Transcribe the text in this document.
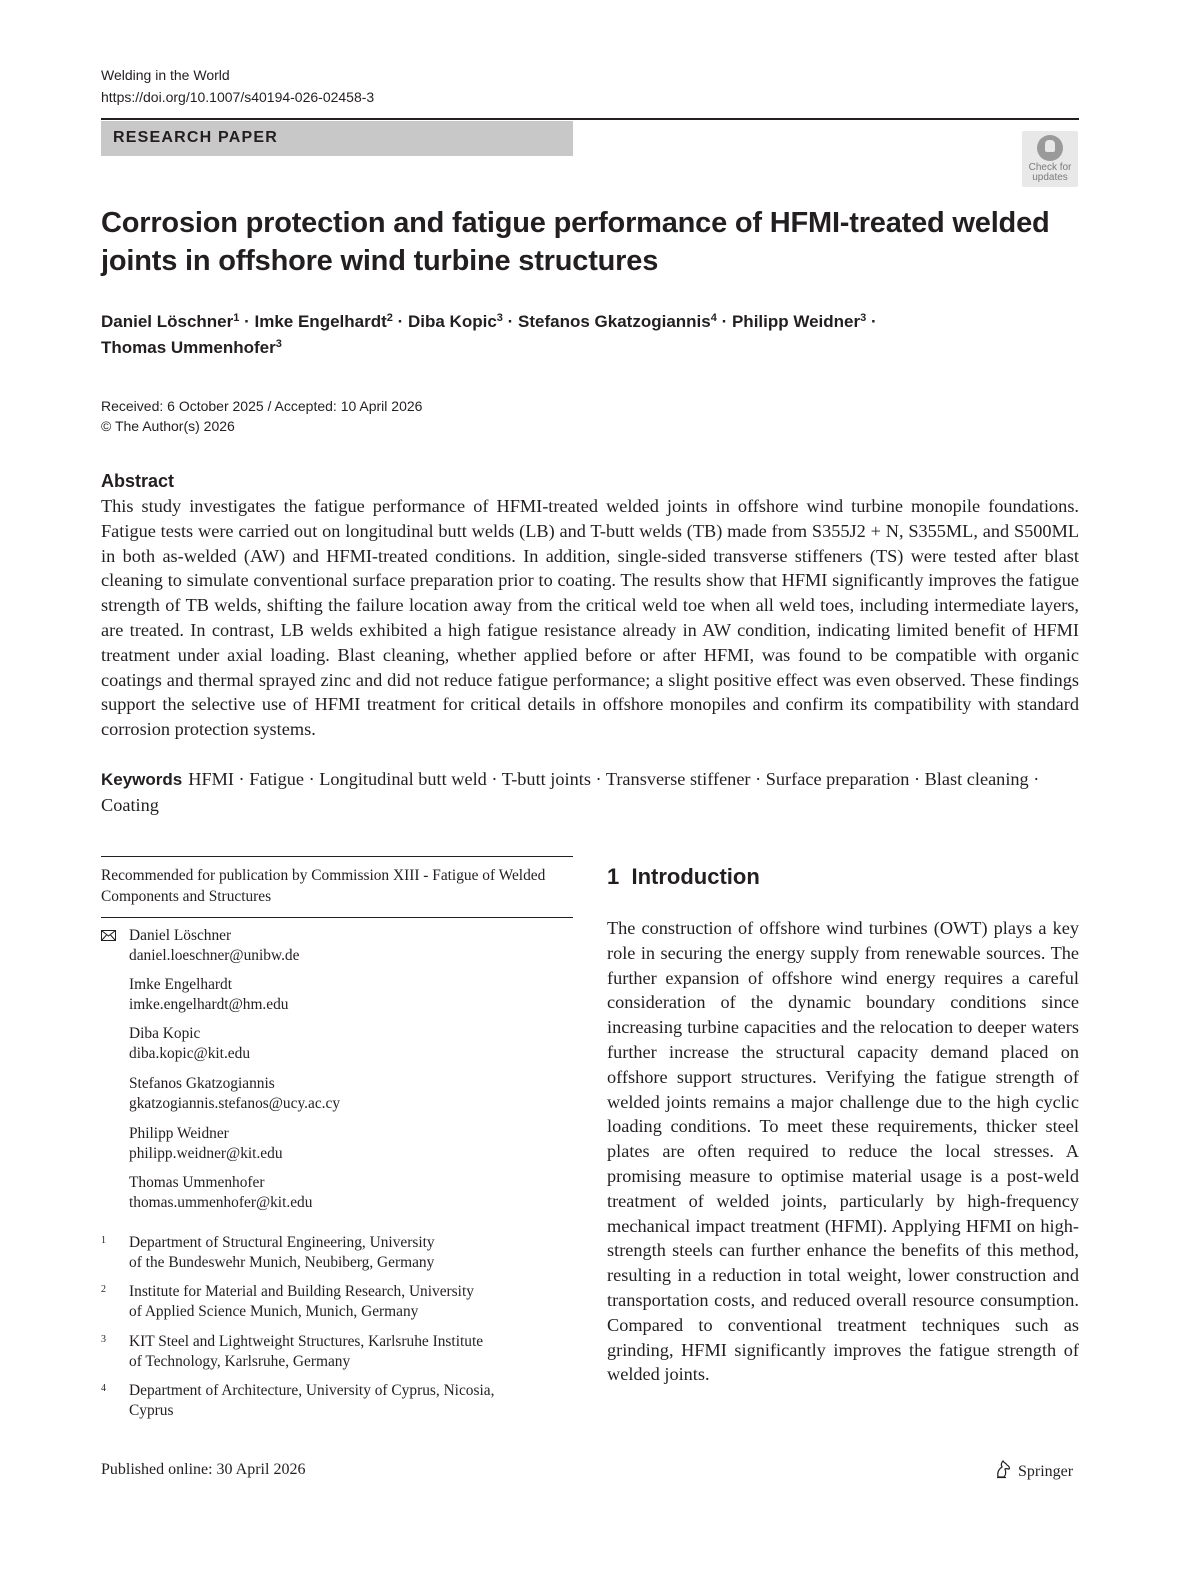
Welding in the World
https://doi.org/10.1007/s40194-026-02458-3
RESEARCH PAPER
Check for
updates
Corrosion protection and fatigue performance of HFMI-treated welded
joints in offshore wind turbine structures
Daniel Löschner$^1$ · Imke Engelhardt$^2$ · Diba Kopic$^3$ · Stefanos Gkatzogiannis$^4$ · Philipp Weidner$^3$ ·
Thomas Ummenhofer$^3$
Received: 6 October 2025 / Accepted: 10 April 2026
© The Author(s) 2026
Abstract
This study investigates the fatigue performance of HFMI-treated welded joints in offshore wind turbine monopile foundations. Fatigue tests were carried out on longitudinal butt welds (LB) and T-butt welds (TB) made from S355J2 + N, S355ML, and S500ML in both as-welded (AW) and HFMI-treated conditions. In addition, single-sided transverse stiffeners (TS) were tested after blast cleaning to simulate conventional surface preparation prior to coating. The results show that HFMI significantly improves the fatigue strength of TB welds, shifting the failure location away from the critical weld toe when all weld toes, including intermediate layers, are treated. In contrast, LB welds exhibited a high fatigue resistance already in AW condition, indicating limited benefit of HFMI treatment under axial loading. Blast cleaning, whether applied before or after HFMI, was found to be compatible with organic coatings and thermal sprayed zinc and did not reduce fatigue performance; a slight positive effect was even observed. These findings support the selective use of HFMI treatment for critical details in offshore monopiles and confirm its compatibility with standard corrosion protection systems.
Keywords HFMI · Fatigue · Longitudinal butt weld · T-butt joints · Transverse stiffener · Surface preparation · Blast cleaning · Coating
Recommended for publication by Commission XIII - Fatigue of Welded Components and Structures
Daniel Löschner
daniel.loeschner@unibw.de
Imke Engelhardt
imke.engelhardt@hm.edu
Diba Kopic
diba.kopic@kit.edu
Stefanos Gkatzogiannis
gkatzogiannis.stefanos@ucy.ac.cy
Philipp Weidner
philipp.weidner@kit.edu
Thomas Ummenhofer
thomas.ummenhofer@kit.edu
1 Department of Structural Engineering, University
of the Bundeswehr Munich, Neubiberg, Germany
2 Institute for Material and Building Research, University
of Applied Science Munich, Munich, Germany
3 KIT Steel and Lightweight Structures, Karlsruhe Institute
of Technology, Karlsruhe, Germany
4 Department of Architecture, University of Cyprus, Nicosia,
Cyprus
1 Introduction
The construction of offshore wind turbines (OWT) plays a key role in securing the energy supply from renewable sources. The further expansion of offshore wind energy requires a careful consideration of the dynamic boundary conditions since increasing turbine capacities and the relocation to deeper waters further increase the structural capacity demand placed on offshore support structures. Verifying the fatigue strength of welded joints remains a major challenge due to the high cyclic loading conditions. To meet these requirements, thicker steel plates are often required to reduce the local stresses. A promising measure to optimise material usage is a post-weld treatment of welded joints, particularly by high-frequency mechanical impact treatment (HFMI). Applying HFMI on high-strength steels can further enhance the benefits of this method, resulting in a reduction in total weight, lower construction and transportation costs, and reduced overall resource consumption. Compared to conventional treatment techniques such as grinding, HFMI significantly improves the fatigue strength of welded joints.
Published online: 30 April 2026	Springer
